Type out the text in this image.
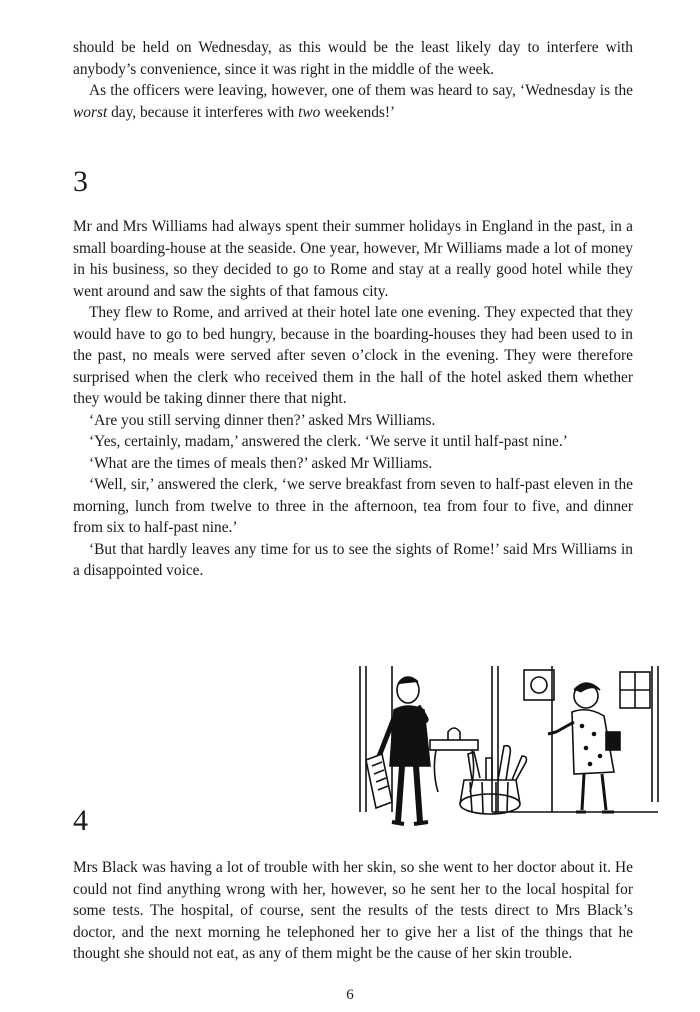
should be held on Wednesday, as this would be the least likely day to interfere with anybody’s convenience, since it was right in the middle of the week.

As the officers were leaving, however, one of them was heard to say, ‘Wednesday is the worst day, because it interferes with two weekends!’

3

Mr and Mrs Williams had always spent their summer holidays in England in the past, in a small boarding-house at the seaside. One year, however, Mr Williams made a lot of money in his business, so they decided to go to Rome and stay at a really good hotel while they went around and saw the sights of that famous city.

They flew to Rome, and arrived at their hotel late one evening. They expected that they would have to go to bed hungry, because in the boarding-houses they had been used to in the past, no meals were served after seven o’clock in the evening. They were therefore surprised when the clerk who received them in the hall of the hotel asked them whether they would be taking dinner there that night.

‘Are you still serving dinner then?’ asked Mrs Williams.

‘Yes, certainly, madam,’ answered the clerk. ‘We serve it until half-past nine.’

‘What are the times of meals then?’ asked Mr Williams.

‘Well, sir,’ answered the clerk, ‘we serve breakfast from seven to half-past eleven in the morning, lunch from twelve to three in the afternoon, tea from four to five, and dinner from six to half-past nine.’

‘But that hardly leaves any time for us to see the sights of Rome!’ said Mrs Williams in a disappointed voice.

4

Mrs Black was having a lot of trouble with her skin, so she went to her doctor about it. He could not find anything wrong with her, however, so he sent her to the local hospital for some tests. The hospital, of course, sent the results of the tests direct to Mrs Black’s doctor, and the next morning he telephoned her to give her a list of the things that he thought she should not eat, as any of them might be the cause of her skin trouble.

6
